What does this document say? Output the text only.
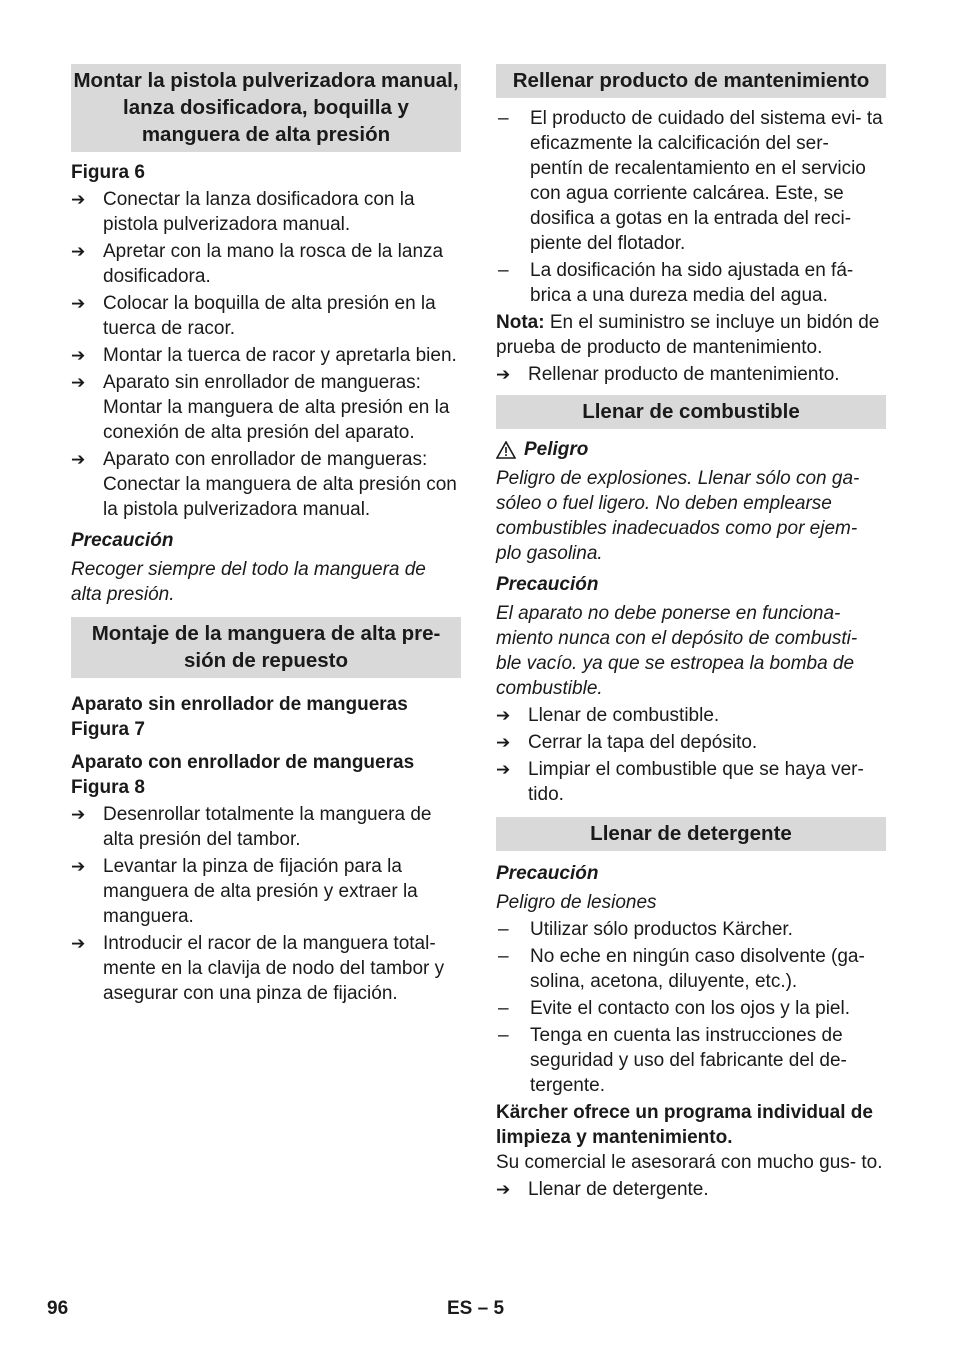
Montar la pistola pulverizadora manual, lanza dosificadora, boquilla y manguera de alta presión
Figura 6
➔ Conectar la lanza dosificadora con la pistola pulverizadora manual.
➔ Apretar con la mano la rosca de la lanza dosificadora.
➔ Colocar la boquilla de alta presión en la tuerca de racor.
➔ Montar la tuerca de racor y apretarla bien.
➔ Aparato sin enrollador de mangueras: Montar la manguera de alta presión en la conexión de alta presión del aparato.
➔ Aparato con enrollador de mangueras: Conectar la manguera de alta presión con la pistola pulverizadora manual.
Precaución
Recoger siempre del todo la manguera de alta presión.
Montaje de la manguera de alta pre- sión de repuesto
Aparato sin enrollador de mangueras
Figura 7
Aparato con enrollador de mangueras
Figura 8
➔ Desenrollar totalmente la manguera de alta presión del tambor.
➔ Levantar la pinza de fijación para la manguera de alta presión y extraer la manguera.
➔ Introducir el racor de la manguera total- mente en la clavija de nodo del tambor y asegurar con una pinza de fijación.
Rellenar producto de mantenimiento
–	El producto de cuidado del sistema evi- ta eficazmente la calcificación del ser- pentín de recalentamiento en el servicio con agua corriente calcárea. Este, se dosifica a gotas en la entrada del reci- piente del flotador.
–	La dosificación ha sido ajustada en fá- brica a una dureza media del agua.
Nota: En el suministro se incluye un bidón de prueba de producto de mantenimiento.
➔ Rellenar producto de mantenimiento.
Llenar de combustible
Peligro
Peligro de explosiones. Llenar sólo con ga- sóleo o fuel ligero. No deben emplearse combustibles inadecuados como por ejem- plo gasolina.
Precaución
El aparato no debe ponerse en funciona- miento nunca con el depósito de combusti- ble vacío. ya que se estropea la bomba de combustible.
➔ Llenar de combustible.
➔ Cerrar la tapa del depósito.
➔ Limpiar el combustible que se haya ver- tido.
Llenar de detergente
Precaución
Peligro de lesiones
–	Utilizar sólo productos Kärcher.
–	No eche en ningún caso disolvente (ga- solina, acetona, diluyente, etc.).
–	Evite el contacto con los ojos y la piel.
–	Tenga en cuenta las instrucciones de seguridad y uso del fabricante del de- tergente.
Kärcher ofrece un programa individual de limpieza y mantenimiento.
Su comercial le asesorará con mucho gus- to.
➔ Llenar de detergente.
96	ES – 5
